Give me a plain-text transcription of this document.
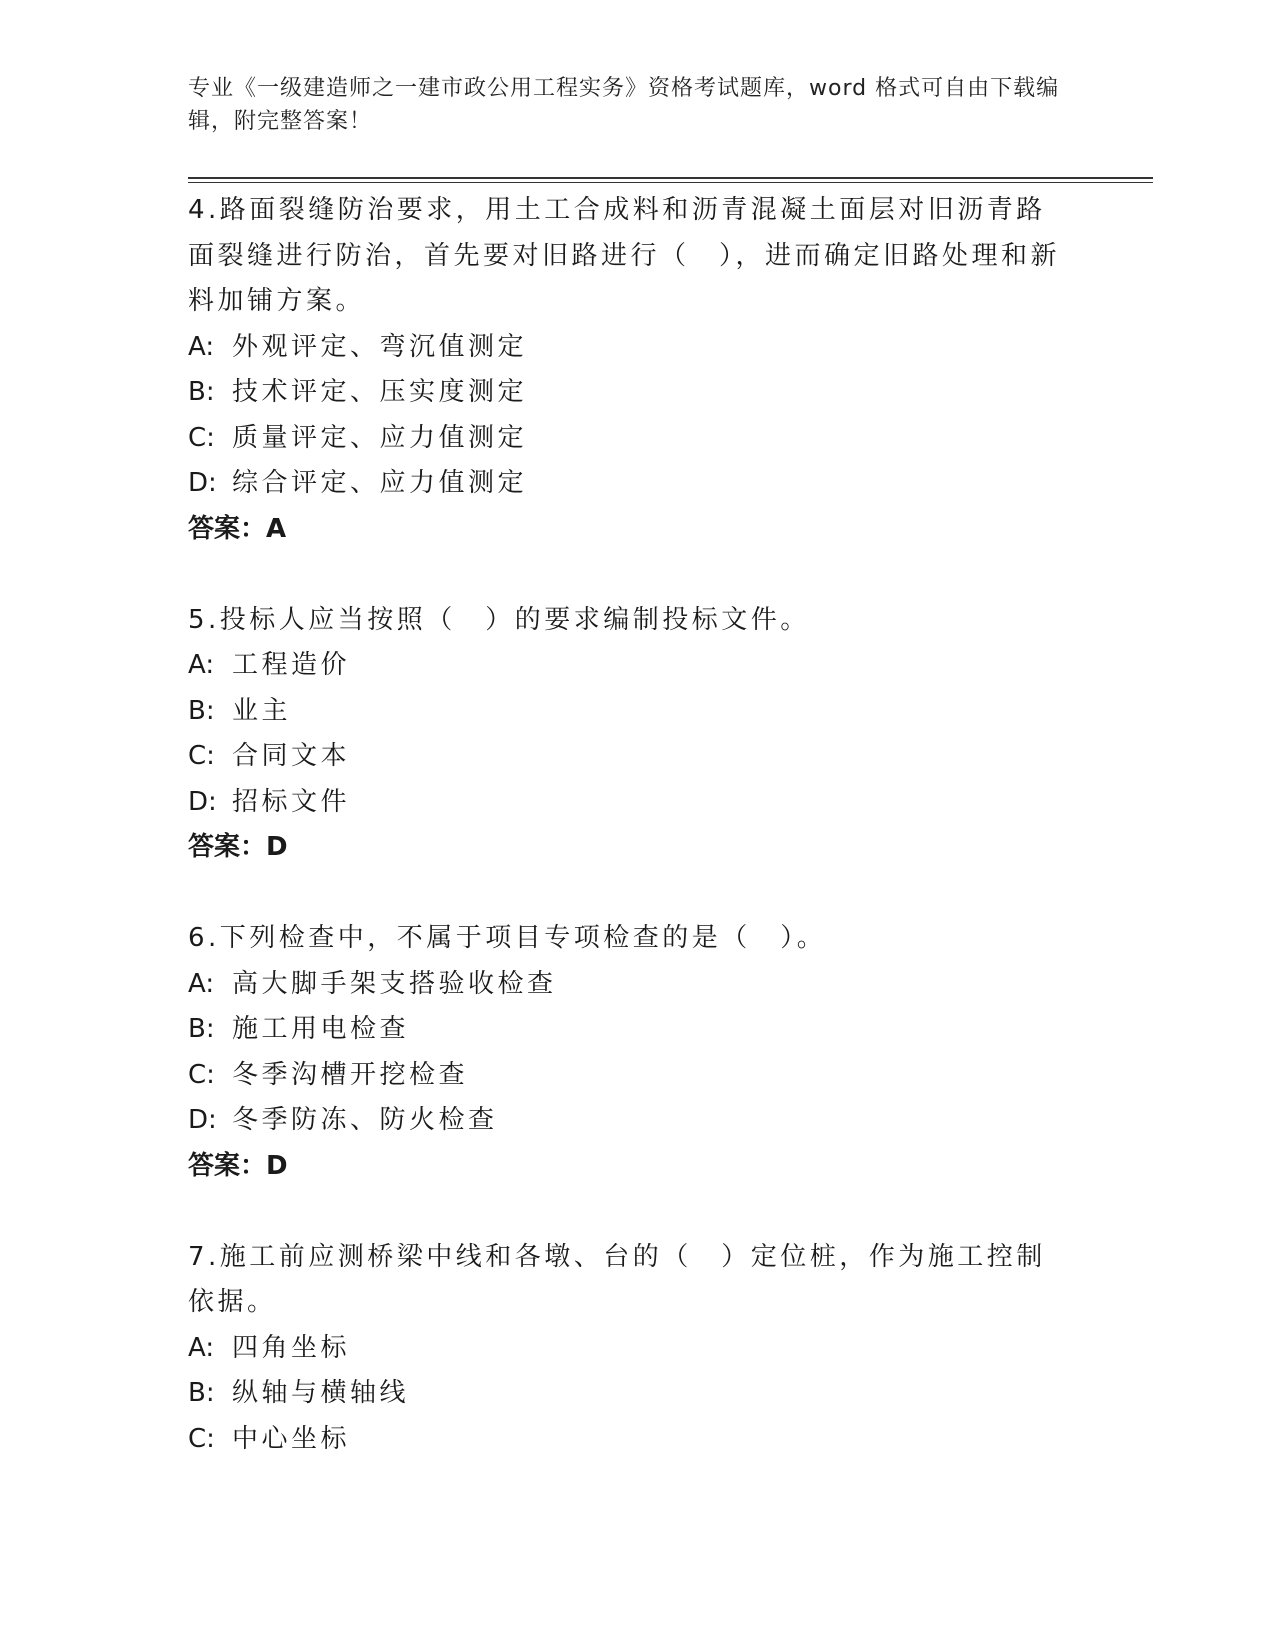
专业《一级建造师之一建市政公用工程实务》资格考试题库，word 格式可自由下载编辑，附完整答案！

4.路面裂缝防治要求，用土工合成料和沥青混凝土面层对旧沥青路面裂缝进行防治，首先要对旧路进行（　），进而确定旧路处理和新料加铺方案。

A: 外观评定、弯沉值测定

B: 技术评定、压实度测定

C: 质量评定、应力值测定

D: 综合评定、应力值测定

答案：A

5.投标人应当按照（　）的要求编制投标文件。

A: 工程造价

B: 业主

C: 合同文本

D: 招标文件

答案：D

6.下列检查中，不属于项目专项检查的是（　）。

A: 高大脚手架支搭验收检查

B: 施工用电检查

C: 冬季沟槽开挖检查

D: 冬季防冻、防火检查

答案：D

7.施工前应测桥梁中线和各墩、台的（　）定位桩，作为施工控制依据。

A: 四角坐标

B: 纵轴与横轴线

C: 中心坐标
